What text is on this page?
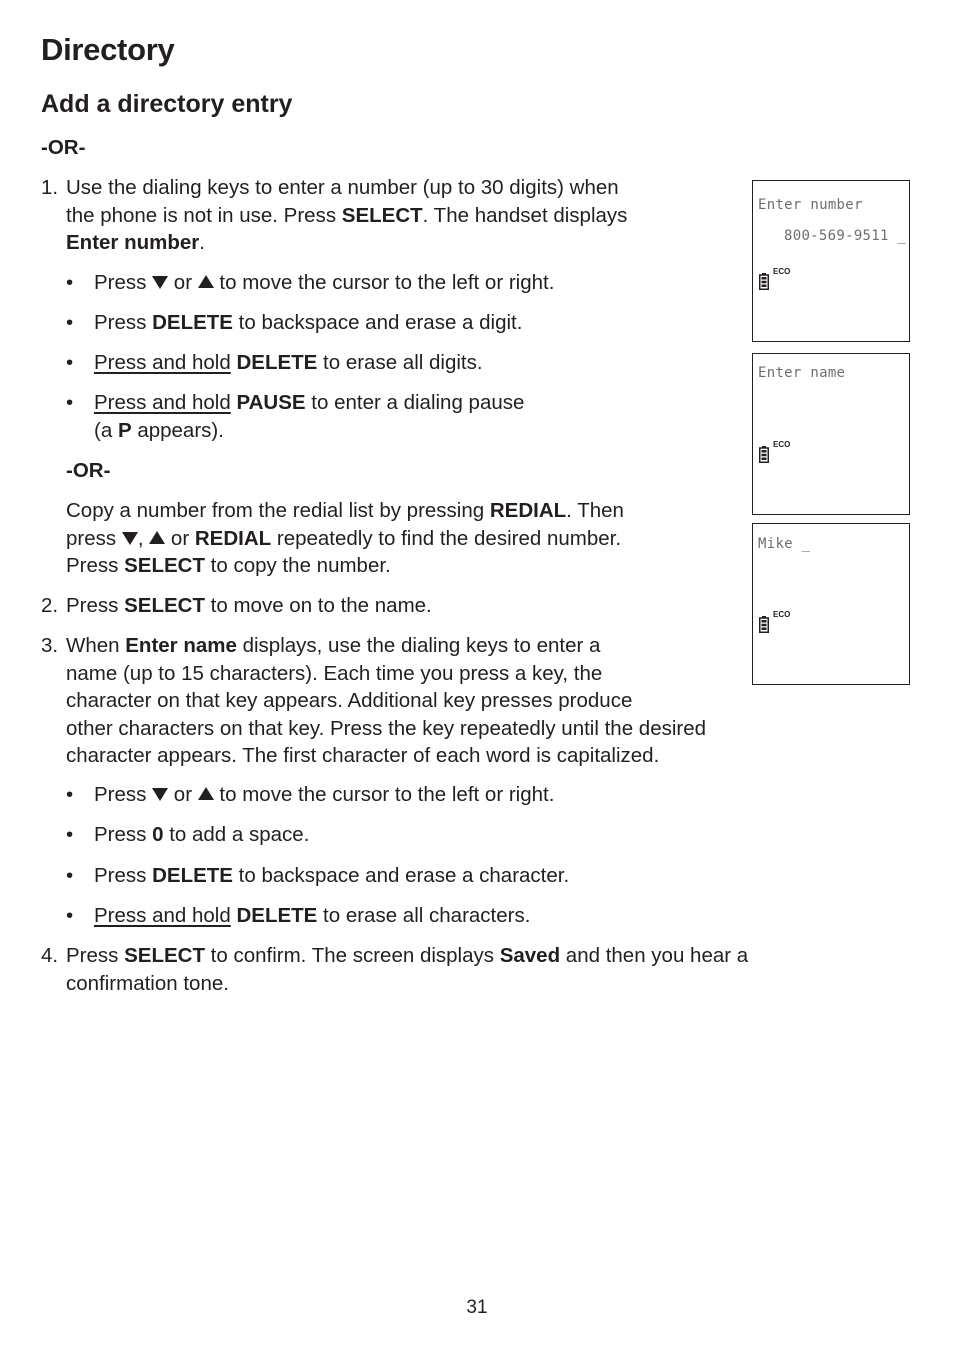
Directory
Add a directory entry
-OR-
1. Use the dialing keys to enter a number (up to 30 digits) when
the phone is not in use. Press SELECT. The handset displays
Enter number.
• Press  or  to move the cursor to the left or right.
• Press DELETE to backspace and erase a digit.
• Press and hold DELETE to erase all digits.
• Press and hold PAUSE to enter a dialing pause
(a P appears).
-OR-
Copy a number from the redial list by pressing REDIAL. Then
press ,  or REDIAL repeatedly to find the desired number.
Press SELECT to copy the number.
2. Press SELECT to move on to the name.
3. When Enter name displays, use the dialing keys to enter a
name (up to 15 characters). Each time you press a key, the
character on that key appears. Additional key presses produce
other characters on that key. Press the key repeatedly until the desired
character appears. The first character of each word is capitalized.
• Press  or  to move the cursor to the left or right.
• Press 0 to add a space.
• Press DELETE to backspace and erase a character.
• Press and hold DELETE to erase all characters.
4. Press SELECT to confirm. The screen displays Saved and then you hear a
confirmation tone.
Enter number
800-569-9511 _
ECO
Enter name
ECO
Mike _
ECO
31
